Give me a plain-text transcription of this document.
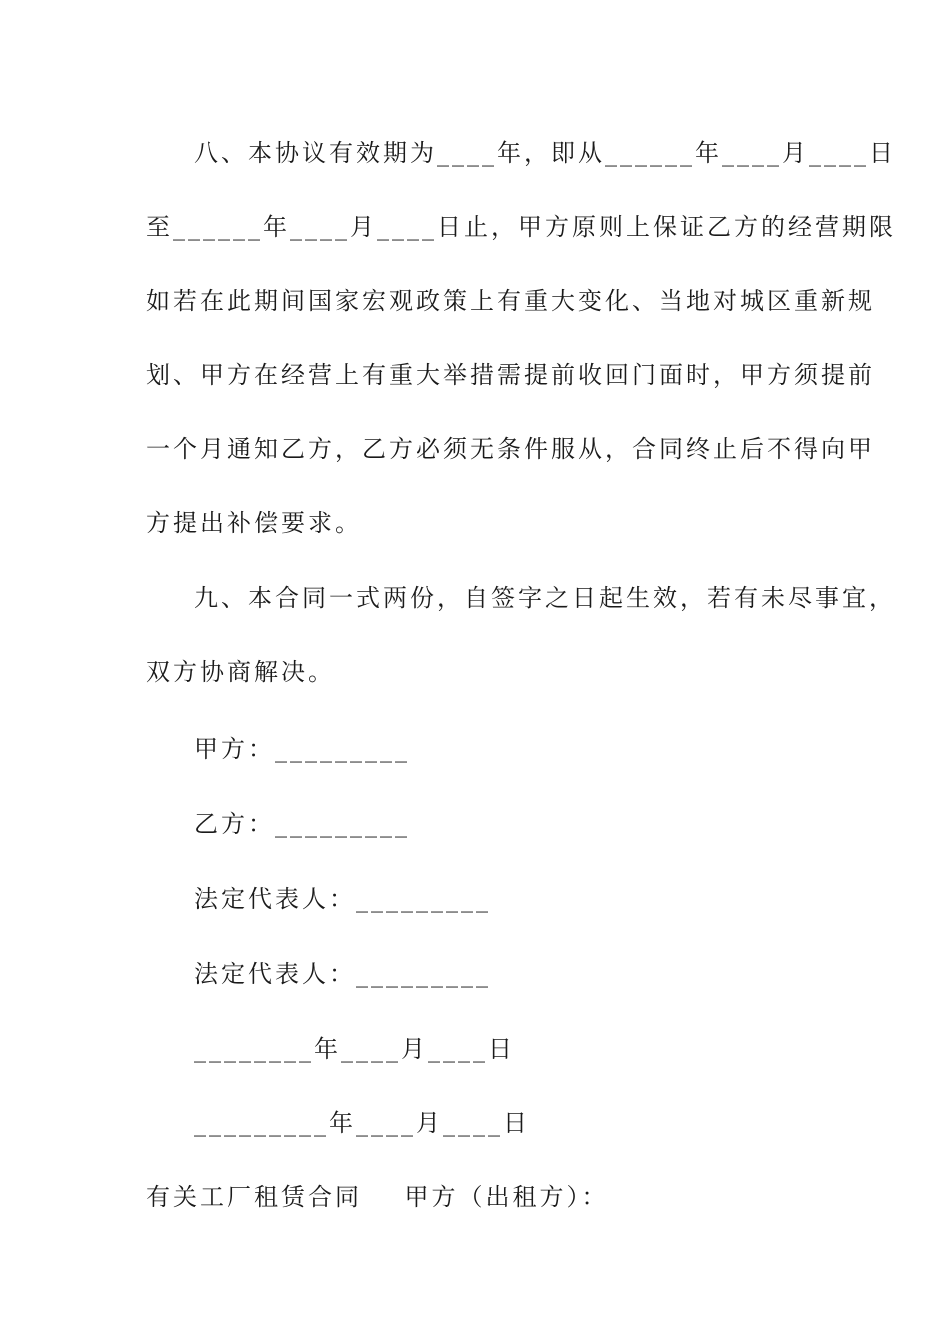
八、本协议有效期为____年，即从______年____月____日
至______年____月____日止，甲方原则上保证乙方的经营期限
如若在此期间国家宏观政策上有重大变化、当地对城区重新规
划、甲方在经营上有重大举措需提前收回门面时，甲方须提前
一个月通知乙方，乙方必须无条件服从，合同终止后不得向甲
方提出补偿要求。
九、本合同一式两份，自签字之日起生效，若有未尽事宜，
双方协商解决。
甲方：_________
乙方：_________
法定代表人：_________
法定代表人：_________
________年____月____日
_________年____月____日
有关工厂租赁合同    甲方（出租方）：
